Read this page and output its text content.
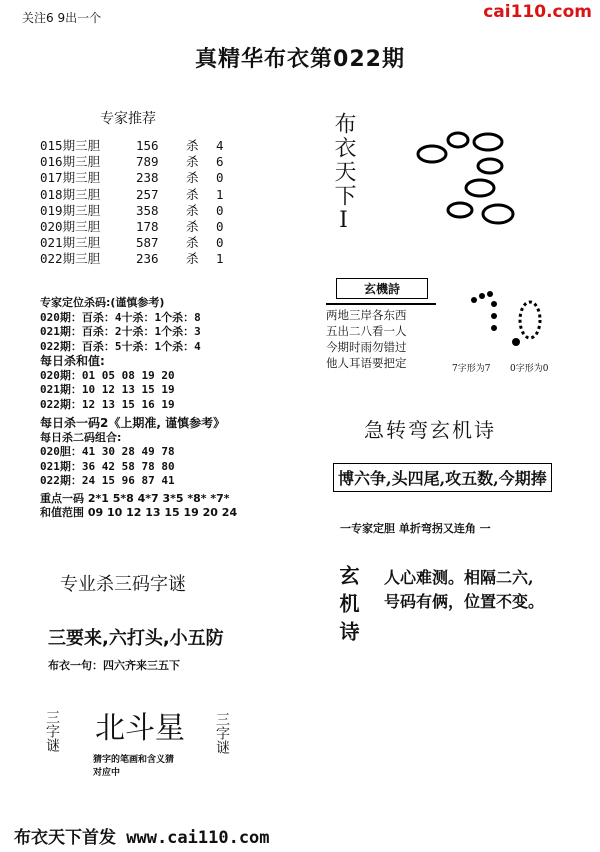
关注6 9出一个	cai110.com
真精华布衣第022期
专家推荐
015期三胆	156 杀 4
016期三胆	789 杀 6
017期三胆	238 杀 0
018期三胆	257 杀 1
019期三胆	358 杀 0
020期三胆	178 杀 0
021期三胆	587 杀 0
022期三胆	236 杀 1
专家定位杀码:(谨慎参考)
020期：百杀：4十杀：1个杀：8
021期：百杀：2十杀：1个杀：3
022期：百杀：5十杀：1个杀：4
每日杀和值:
020期：01 05 08 19 20
021期：10 12 13 15 19
022期：12 13 15 16 19
每日杀一码2《上期准, 谨慎参考》
每日杀二码组合:
020胆：41 30 28 49 78
021期：36 42 58 78 80
022期：24 15 96 87 41
重点一码 2*1 5*8 4*7 3*5 *8* *7*
和值范围 09 10 12 13 15 19 20 24
专业杀三码字谜
三要来,六打头,小五防
布衣一句：四六齐来三五下
三字谜 北斗星
猜字的笔画和含义猜
对应中
三字谜
布衣天下I
玄機詩
两地三岸各东西
五出二八看一人
今期时雨勿错过
他人耳语要把定	7字形为7 0字形为0
急转弯玄机诗
博六争,头四尾,攻五数,今期捧
一专家定胆 单折弯拐又连角 一
玄机诗 人心难测。相隔二六,
号码有俩，位置不变。
布衣天下首发 www.cai110.com
